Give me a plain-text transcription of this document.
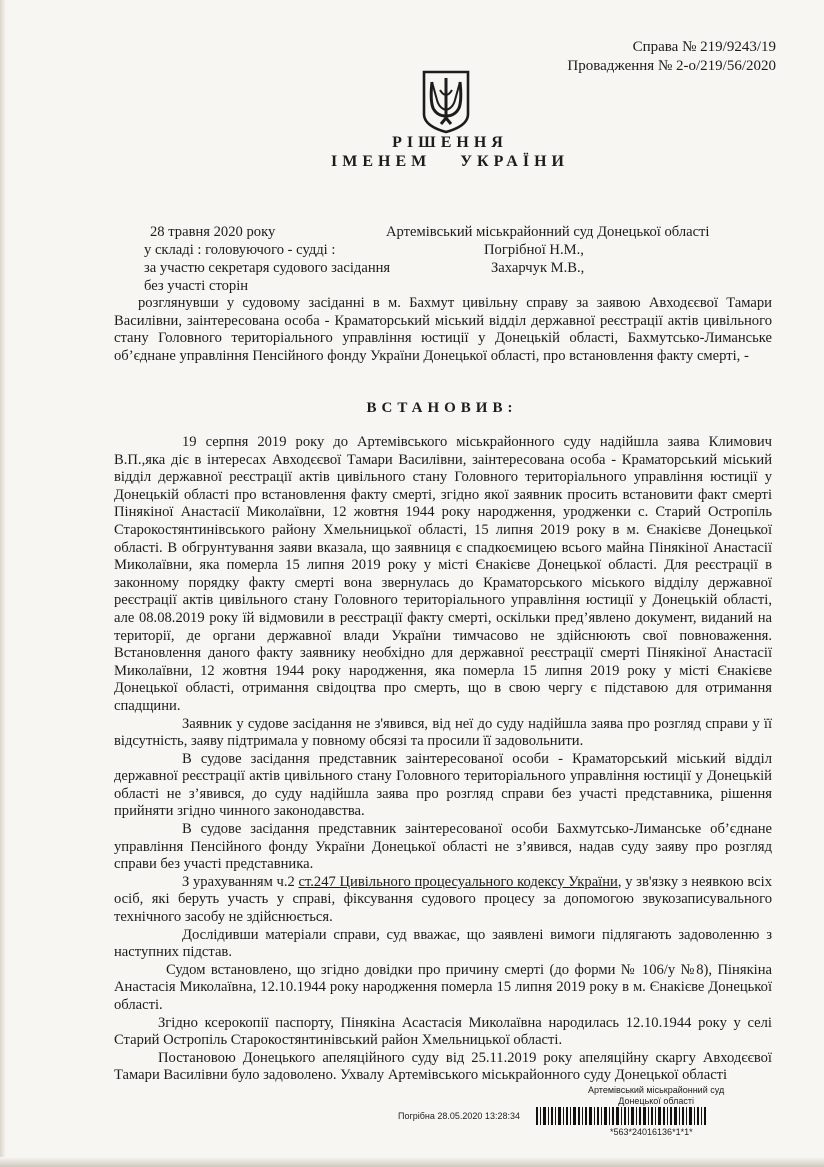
Справа № 219/9243/19
Провадження № 2-о/219/56/2020
РІШЕННЯ
ІМЕНЕМ УКРАЇНИ
28 травня 2020 року	Артемівський міськрайонний суд Донецької області
у складі : головуючого - судді :	Погрібної Н.М.,
за участю секретаря судового засідання	Захарчук М.В.,
без участі сторін

розглянувши у судовому засіданні в м. Бахмут цивільну справу за заявою Авходєєвої Тамари Василівни, заінтересована особа - Краматорський міський відділ державної реєстрації актів цивільного стану Головного територіального управління юстиції у Донецькій області, Бахмутсько-Лиманське об’єднане управління Пенсійного фонду України Донецької області, про встановлення факту смерті, -

ВСТАНОВИВ:

19 серпня 2019 року до Артемівського міськрайонного суду надійшла заява Климович В.П.,яка діє в інтересах Авходєєвої Тамари Василівни, заінтересована особа - Краматорський міський відділ державної реєстрації актів цивільного стану Головного територіального управління юстиції у Донецькій області про встановлення факту смерті, згідно якої заявник просить встановити факт смерті Пінякіної Анастасії Миколаївни, 12 жовтня 1944 року народження, уродженки с. Старий Остропіль Старокостянтинівського району Хмельницької області, 15 липня 2019 року в м. Єнакієве Донецької області. В обгрунтування заяви вказала, що заявниця є спадкоємицею всього майна Пінякіної Анастасії Миколаївни, яка померла 15 липня 2019 року у місті Єнакієве Донецької області. Для реєстрації в законному порядку факту смерті вона звернулась до Краматорського міського відділу державної реєстрації актів цивільного стану Головного територіального управління юстиції у Донецькій області, але 08.08.2019 року їй відмовили в реєстрації факту смерті, оскільки пред’явлено документ, виданий на території, де органи державної влади України тимчасово не здійснюють свої повноваження. Встановлення даного факту заявнику необхідно для державної реєстрації смерті Пінякіної Анастасії Миколаївни, 12 жовтня 1944 року народження, яка померла 15 липня 2019 року у місті Єнакієве Донецької області, отримання свідоцтва про смерть, що в свою чергу є підставою для отримання спадщини.

Заявник у судове засідання не з'явився, від неї до суду надійшла заява про розгляд справи у її відсутність, заяву підтримала у повному обсязі та просили її задовольнити.

В судове засідання представник заінтересованої особи - Краматорський міський відділ державної реєстрації актів цивільного стану Головного територіального управління юстиції у Донецькій області не з’явився, до суду надійшла заява про розгляд справи без участі представника, рішення прийняти згідно чинного законодавства.

В судове засідання представник заінтересованої особи Бахмутсько-Лиманське об’єднане управління Пенсійного фонду України Донецької області не з’явився, надав суду заяву про розгляд справи без участі представника.

З урахуванням ч.2 ст.247 Цивільного процесуального кодексу України, у зв'язку з неявкою всіх осіб, які беруть участь у справі, фіксування судового процесу за допомогою звукозаписувального технічного засобу не здійснюється.

Дослідивши матеріали справи, суд вважає, що заявлені вимоги підлягають задоволенню з наступних підстав.

Судом встановлено, що згідно довідки про причину смерті (до форми № 106/у №8), Пінякіна Анастасія Миколаївна, 12.10.1944 року народження померла 15 липня 2019 року в м. Єнакієве Донецької області.

Згідно ксерокопії паспорту, Пінякіна Асастасія Миколаївна народилась 12.10.1944 року у селі Старий Остропіль Старокостянтинівський район Хмельницької області.

Постановою Донецького апеляційного суду від 25.11.2019 року апеляційну скаргу Авходєєвої Тамари Василівни було задоволено. Ухвалу Артемівського міськрайонного суду Донецької області

Артемівський міськрайонний суд
Донецької області
Погрібна 28.05.2020 13:28:34
*563*24016136*1*1*
